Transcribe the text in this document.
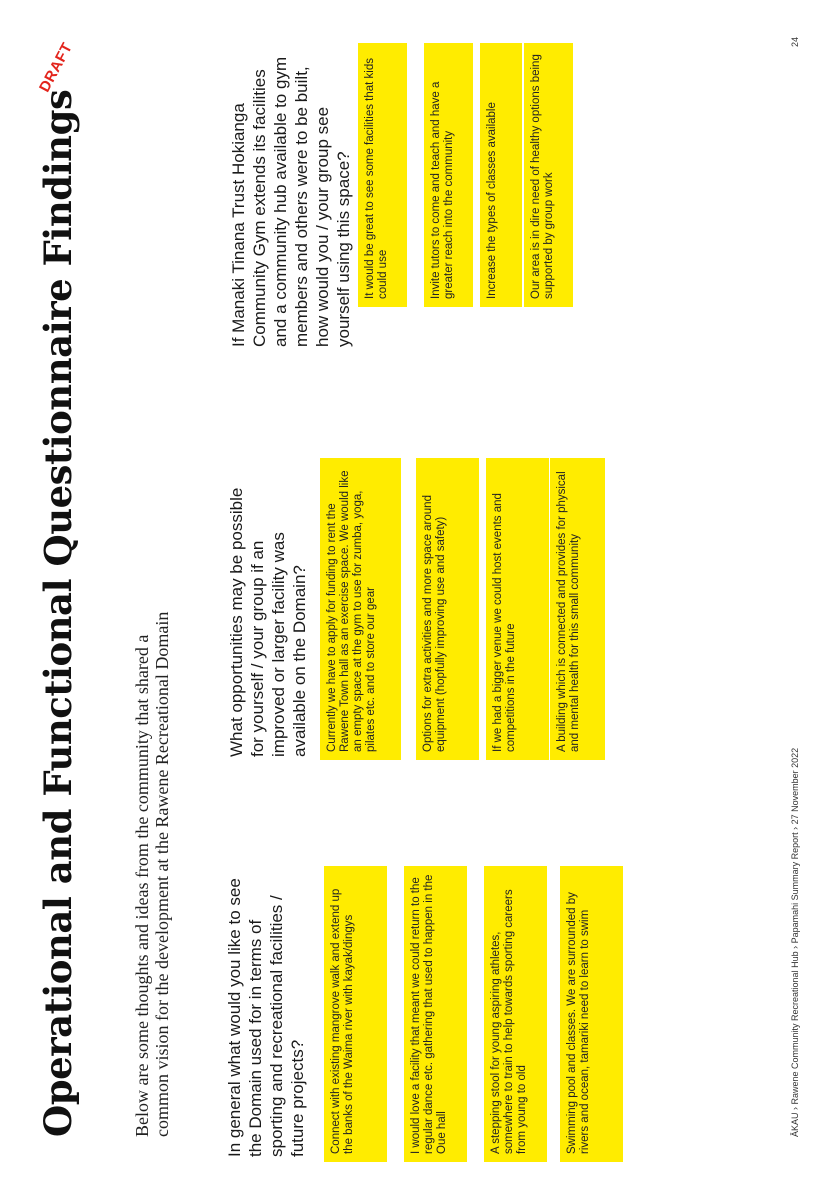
Operational and Functional Questionnaire Findings	Below are some thoughts and ideas from the community that shared a common vision for the development at the Rawene Recreational Domain
DRAFT
In general what would you like to see the Domain used for in terms of sporting and recreational facilities / future projects?	Connect with existing mangrove walk and extend up the banks of the Waima river with kayak/dingys	I would love a facility that meant we could return to the regular dance etc. gathering that used to happen in the Oue hall	A stepping stool for young aspiring athletes, somewhere to train to help towards sporting careers from young to old	Swimming pool and classes. We are surrounded by rivers and ocean, tamariki need to learn to swim
What opportunities may be possible for yourself / your group if an improved or larger facility was available on the Domain?	Currently we have to apply for funding to rent the Rawene Town hall as an exercise space. We would like an empty space at the gym to use for zumba, yoga, pilates etc. and to store our gear	Options for extra activities and more space around equipment (hopfully improving use and safety)	If we had a bigger venue we could host events and competitions in the future	A building which is connected and provides for physical and mental health for this small community
If Manaki Tinana Trust Hokianga Community Gym extends its facilities and a community hub available to gym members and others were to be built, how would you / your group see yourself using this space? It would be great to see some facilities that kids could use	Invite tutors to come and teach and have a greater reach into the community	Increase the types of classes available	Our area is in dire need of healthy options being supported by group work
ĀKAU › Rawene Community Recreational Hub › Papamahi Summary Report › 27 November 2022
24
